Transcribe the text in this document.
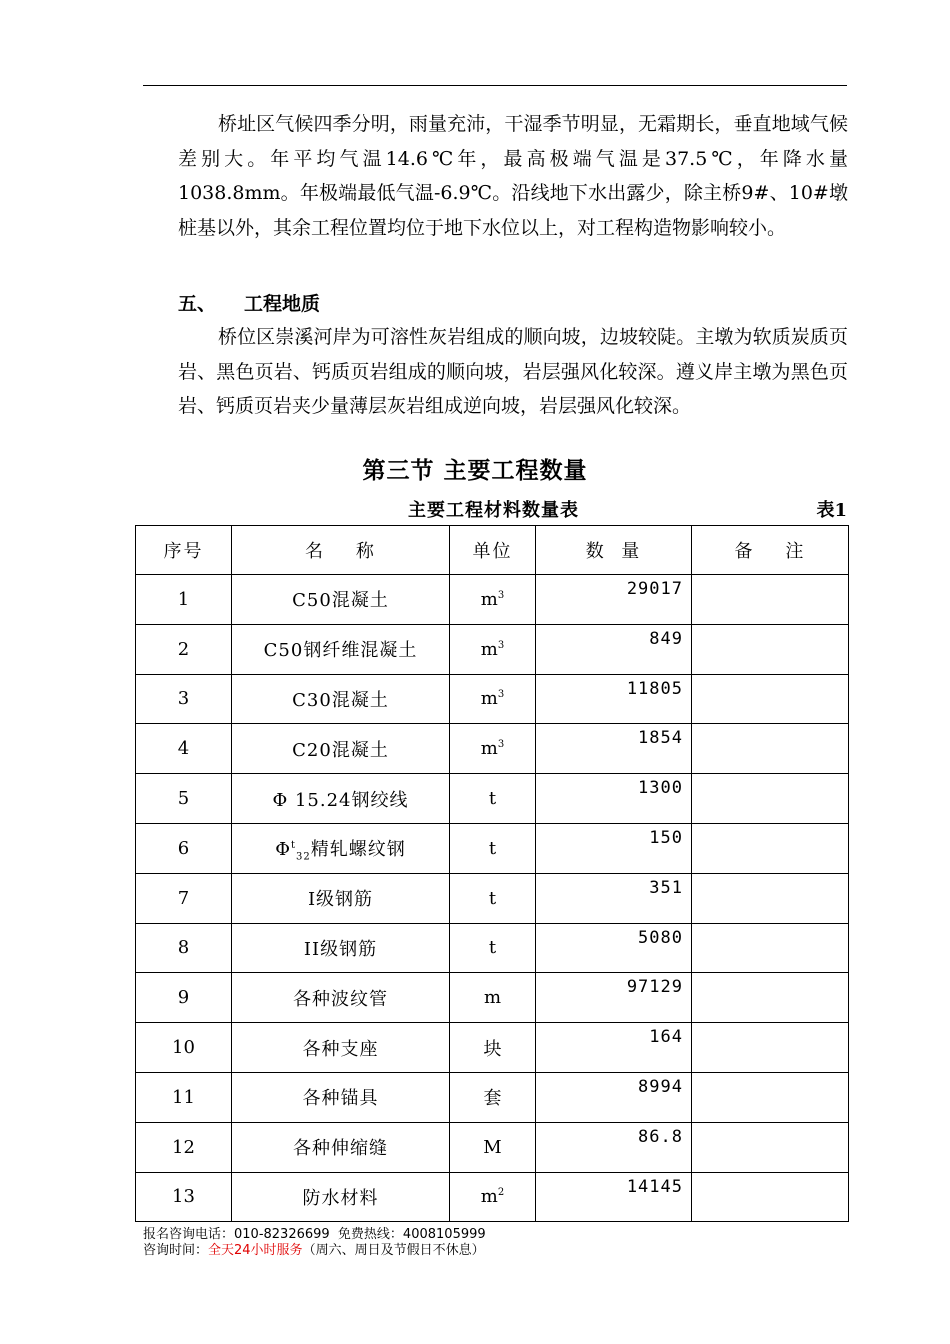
桥址区气候四季分明，雨量充沛，干湿季节明显，无霜期长，垂直地域气候差别大。年平均气温14.6℃年，最高极端气温是37.5℃，年降水量1038.8mm。年极端最低气温-6.9℃。沿线地下水出露少，除主桥9#、10#墩桩基以外，其余工程位置均位于地下水位以上，对工程构造物影响较小。

五、 工程地质

桥位区崇溪河岸为可溶性灰岩组成的顺向坡，边坡较陡。主墩为软质炭质页岩、黑色页岩、钙质页岩组成的顺向坡，岩层强风化较深。遵义岸主墩为黑色页岩、钙质页岩夹少量薄层灰岩组成逆向坡，岩层强风化较深。

第三节 主要工程数量
主要工程材料数量表	表1
序号	名    称	单位	数  量	备    注
1	C50混凝土	$m^3$	29017	
2	C50钢纤维混凝土	$m^3$	849	
3	C30混凝土	$m^3$	11805	
4	C20混凝土	$m^3$	1854	
5	Φ 15.24钢绞线	t	1300	
6	$\Phi^t_{32}$精轧螺纹钢	t	150	
7	I级钢筋	t	351	
8	II级钢筋	t	5080	
9	各种波纹管	m	97129	
10	各种支座	块	164	
11	各种锚具	套	8994	
12	各种伸缩缝	M	86.8	
13	防水材料	$m^2$	14145	
报名咨询电话：010-82326699  免费热线：4008105999
咨询时间：全天24小时服务（周六、周日及节假日不休息）
